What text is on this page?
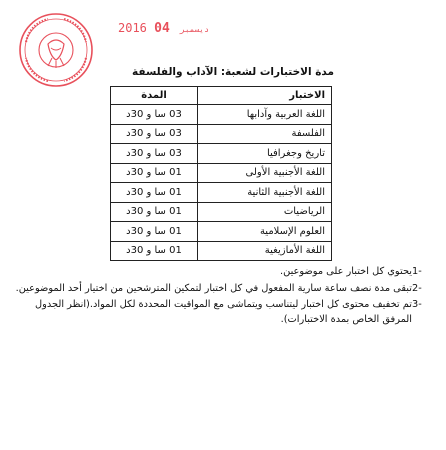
2016	ديسمبر 04
مدة الاختبارات لشعبة: الآداب والفلسفة
الاختبار	المدة
اللغة العربية وآدابها	03 سا و 30د
الفلسفة	03 سا و 30د
تاريخ وجغرافيا	03 سا و 30د
اللغة الأجنبية الأولى	01 سا و 30د
اللغة الأجنبية الثانية	01 سا و 30د
الرياضيات	01 سا و 30د
العلوم الإسلامية	01 سا و 30د
اللغة الأمازيغية	01 سا و 30د
-1
يحتوي كل اختبار على موضوعين.
-2
تبقى مدة نصف ساعة سارية المفعول في كل اختبار لتمكين المترشحين من اختيار أحد الموضوعين.
-3
تم تخفيف محتوى كل اختبار ليتناسب ويتماشى مع المواقيت المحددة لكل المواد.(انظر الجدول المرفق الخاص بمدة الاختبارات).
